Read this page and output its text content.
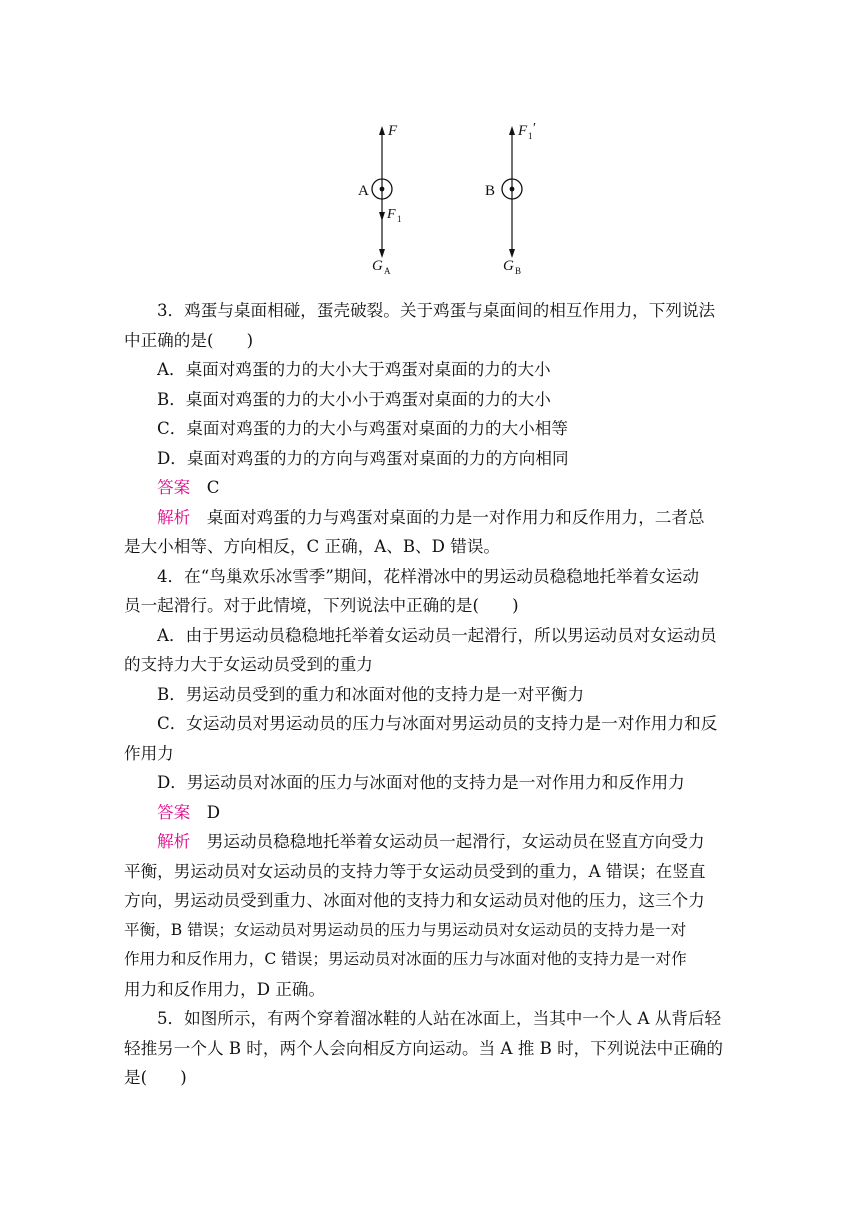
F
A
F 1
G A
F 1 ′
B
G B
3．鸡蛋与桌面相碰，蛋壳破裂。关于鸡蛋与桌面间的相互作用力，下列说法
中正确的是(　　)
A．桌面对鸡蛋的力的大小大于鸡蛋对桌面的力的大小
B．桌面对鸡蛋的力的大小小于鸡蛋对桌面的力的大小
C．桌面对鸡蛋的力的大小与鸡蛋对桌面的力的大小相等
D．桌面对鸡蛋的力的方向与鸡蛋对桌面的力的方向相同
答案　 C
解析　 桌面对鸡蛋的力与鸡蛋对桌面的力是一对作用力和反作用力，二者总
是大小相等、方向相反，C 正确，A、B、D 错误。
4．在“鸟巢欢乐冰雪季”期间，花样滑冰中的男运动员稳稳地托举着女运动
员一起滑行。对于此情境，下列说法中正确的是(　　)
A．由于男运动员稳稳地托举着女运动员一起滑行，所以男运动员对女运动员
的支持力大于女运动员受到的重力
B．男运动员受到的重力和冰面对他的支持力是一对平衡力
C．女运动员对男运动员的压力与冰面对男运动员的支持力是一对作用力和反
作用力
D．男运动员对冰面的压力与冰面对他的支持力是一对作用力和反作用力
答案　 D
解析　 男运动员稳稳地托举着女运动员一起滑行，女运动员在竖直方向受力
平衡，男运动员对女运动员的支持力等于女运动员受到的重力，A 错误；在竖直
方向，男运动员受到重力、冰面对他的支持力和女运动员对他的压力，这三个力
平衡，B 错误；女运动员对男运动员的压力与男运动员对女运动员的支持力是一对
作用力和反作用力，C 错误；男运动员对冰面的压力与冰面对他的支持力是一对作
用力和反作用力，D 正确。
5．如图所示，有两个穿着溜冰鞋的人站在冰面上，当其中一个人 A 从背后轻
轻推另一个人 B 时，两个人会向相反方向运动。当 A 推 B 时，下列说法中正确的
是(　　)
